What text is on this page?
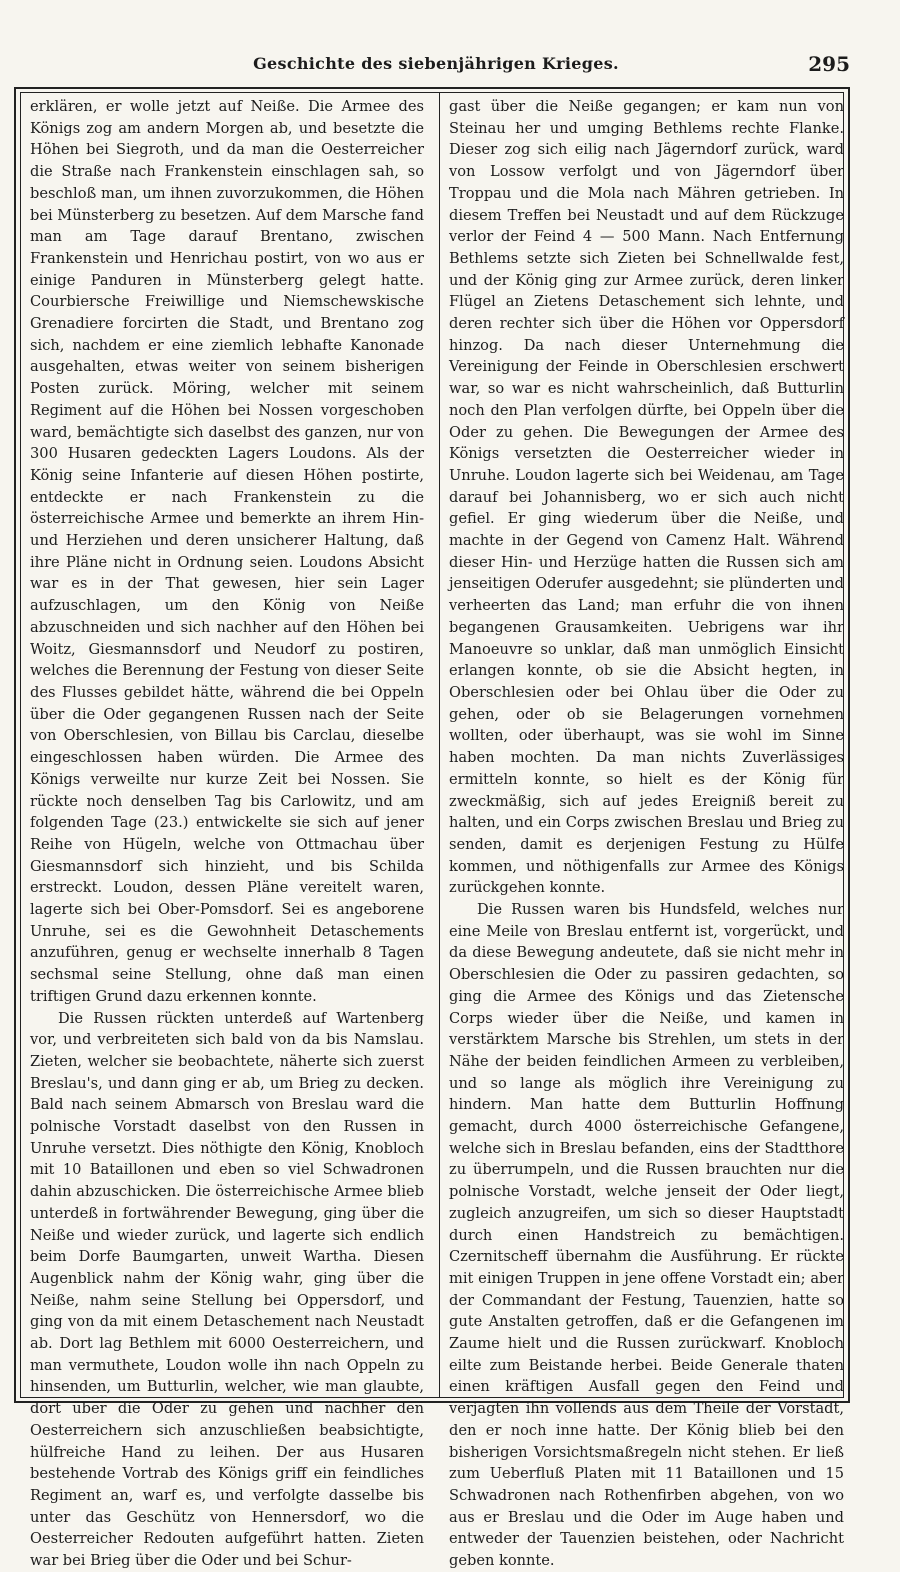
Geschichte des siebenjährigen Krieges.	295

erklären, er wolle jetzt auf Neiße. Die Armee des Königs zog am andern Morgen ab, und besetzte die Höhen bei Siegroth, und da man die Oesterreicher die Straße nach Frankenstein einschlagen sah, so beschloß man, um ihnen zuvorzukommen, die Höhen bei Münsterberg zu besetzen. Auf dem Marsche fand man am Tage darauf Brentano, zwischen Frankenstein und Henrichau postirt, von wo aus er einige Panduren in Münsterberg gelegt hatte. Courbiersche Freiwillige und Niemschewskische Grenadiere forcirten die Stadt, und Brentano zog sich, nachdem er eine ziemlich lebhafte Kanonade ausgehalten, etwas weiter von seinem bisherigen Posten zurück. Möring, welcher mit seinem Regiment auf die Höhen bei Nossen vorgeschoben ward, bemächtigte sich daselbst des ganzen, nur von 300 Husaren gedeckten Lagers Loudons. Als der König seine Infanterie auf diesen Höhen postirte, entdeckte er nach Frankenstein zu die österreichische Armee und bemerkte an ihrem Hin- und Herziehen und deren unsicherer Haltung, daß ihre Pläne nicht in Ordnung seien. Loudons Absicht war es in der That gewesen, hier sein Lager aufzuschlagen, um den König von Neiße abzuschneiden und sich nachher auf den Höhen bei Woitz, Giesmannsdorf und Neudorf zu postiren, welches die Berennung der Festung von dieser Seite des Flusses gebildet hätte, während die bei Oppeln über die Oder gegangenen Russen nach der Seite von Oberschlesien, von Billau bis Carclau, dieselbe eingeschlossen haben würden. Die Armee des Königs verweilte nur kurze Zeit bei Nossen. Sie rückte noch denselben Tag bis Carlowitz, und am folgenden Tage (23.) entwickelte sie sich auf jener Reihe von Hügeln, welche von Ottmachau über Giesmannsdorf sich hinzieht, und bis Schilda erstreckt. Loudon, dessen Pläne vereitelt waren, lagerte sich bei Ober-Pomsdorf. Sei es angeborene Unruhe, sei es die Gewohnheit Detaschements anzuführen, genug er wechselte innerhalb 8 Tagen sechsmal seine Stellung, ohne daß man einen triftigen Grund dazu erkennen konnte.

Die Russen rückten unterdeß auf Wartenberg vor, und verbreiteten sich bald von da bis Namslau. Zieten, welcher sie beobachtete, näherte sich zuerst Breslau's, und dann ging er ab, um Brieg zu decken. Bald nach seinem Abmarsch von Breslau ward die polnische Vorstadt daselbst von den Russen in Unruhe versetzt. Dies nöthigte den König, Knobloch mit 10 Bataillonen und eben so viel Schwadronen dahin abzuschicken. Die österreichische Armee blieb unterdeß in fortwährender Bewegung, ging über die Neiße und wieder zurück, und lagerte sich endlich beim Dorfe Baumgarten, unweit Wartha. Diesen Augenblick nahm der König wahr, ging über die Neiße, nahm seine Stellung bei Oppersdorf, und ging von da mit einem Detaschement nach Neustadt ab. Dort lag Bethlem mit 6000 Oesterreichern, und man vermuthete, Loudon wolle ihn nach Oppeln zu hinsenden, um Butturlin, welcher, wie man glaubte, dort über die Oder zu gehen und nachher den Oesterreichern sich anzuschließen beabsichtigte, hülfreiche Hand zu leihen. Der aus Husaren bestehende Vortrab des Königs griff ein feindliches Regiment an, warf es, und verfolgte dasselbe bis unter das Geschütz von Hennersdorf, wo die Oesterreicher Redouten aufgeführt hatten. Zieten war bei Brieg über die Oder und bei Schur-

gast über die Neiße gegangen; er kam nun von Steinau her und umging Bethlems rechte Flanke. Dieser zog sich eilig nach Jägerndorf zurück, ward von Lossow verfolgt und von Jägerndorf über Troppau und die Mola nach Mähren getrieben. In diesem Treffen bei Neustadt und auf dem Rückzuge verlor der Feind 4 — 500 Mann. Nach Entfernung Bethlems setzte sich Zieten bei Schnellwalde fest, und der König ging zur Armee zurück, deren linker Flügel an Zietens Detaschement sich lehnte, und deren rechter sich über die Höhen vor Oppersdorf hinzog. Da nach dieser Unternehmung die Vereinigung der Feinde in Oberschlesien erschwert war, so war es nicht wahrscheinlich, daß Butturlin noch den Plan verfolgen dürfte, bei Oppeln über die Oder zu gehen. Die Bewegungen der Armee des Königs versetzten die Oesterreicher wieder in Unruhe. Loudon lagerte sich bei Weidenau, am Tage darauf bei Johannisberg, wo er sich auch nicht gefiel. Er ging wiederum über die Neiße, und machte in der Gegend von Camenz Halt. Während dieser Hin- und Herzüge hatten die Russen sich am jenseitigen Oderufer ausgedehnt; sie plünderten und verheerten das Land; man erfuhr die von ihnen begangenen Grausamkeiten. Uebrigens war ihr Manoeuvre so unklar, daß man unmöglich Einsicht erlangen konnte, ob sie die Absicht hegten, in Oberschlesien oder bei Ohlau über die Oder zu gehen, oder ob sie Belagerungen vornehmen wollten, oder überhaupt, was sie wohl im Sinne haben mochten. Da man nichts Zuverlässiges ermitteln konnte, so hielt es der König für zweckmäßig, sich auf jedes Ereigniß bereit zu halten, und ein Corps zwischen Breslau und Brieg zu senden, damit es derjenigen Festung zu Hülfe kommen, und nöthigenfalls zur Armee des Königs zurückgehen konnte.

Die Russen waren bis Hundsfeld, welches nur eine Meile von Breslau entfernt ist, vorgerückt, und da diese Bewegung andeutete, daß sie nicht mehr in Oberschlesien die Oder zu passiren gedachten, so ging die Armee des Königs und das Zietensche Corps wieder über die Neiße, und kamen in verstärktem Marsche bis Strehlen, um stets in der Nähe der beiden feindlichen Armeen zu verbleiben, und so lange als möglich ihre Vereinigung zu hindern. Man hatte dem Butturlin Hoffnung gemacht, durch 4000 österreichische Gefangene, welche sich in Breslau befanden, eins der Stadtthore zu überrumpeln, und die Russen brauchten nur die polnische Vorstadt, welche jenseit der Oder liegt, zugleich anzugreifen, um sich so dieser Hauptstadt durch einen Handstreich zu bemächtigen. Czernitscheff übernahm die Ausführung. Er rückte mit einigen Truppen in jene offene Vorstadt ein; aber der Commandant der Festung, Tauenzien, hatte so gute Anstalten getroffen, daß er die Gefangenen im Zaume hielt und die Russen zurückwarf. Knobloch eilte zum Beistande herbei. Beide Generale thaten einen kräftigen Ausfall gegen den Feind und verjagten ihn vollends aus dem Theile der Vorstadt, den er noch inne hatte. Der König blieb bei den bisherigen Vorsichtsmaßregeln nicht stehen. Er ließ zum Ueberfluß Platen mit 11 Bataillonen und 15 Schwadronen nach Rothenfirben abgehen, von wo aus er Breslau und die Oder im Auge haben und entweder der Tauenzien beistehen, oder Nachricht geben konnte.
